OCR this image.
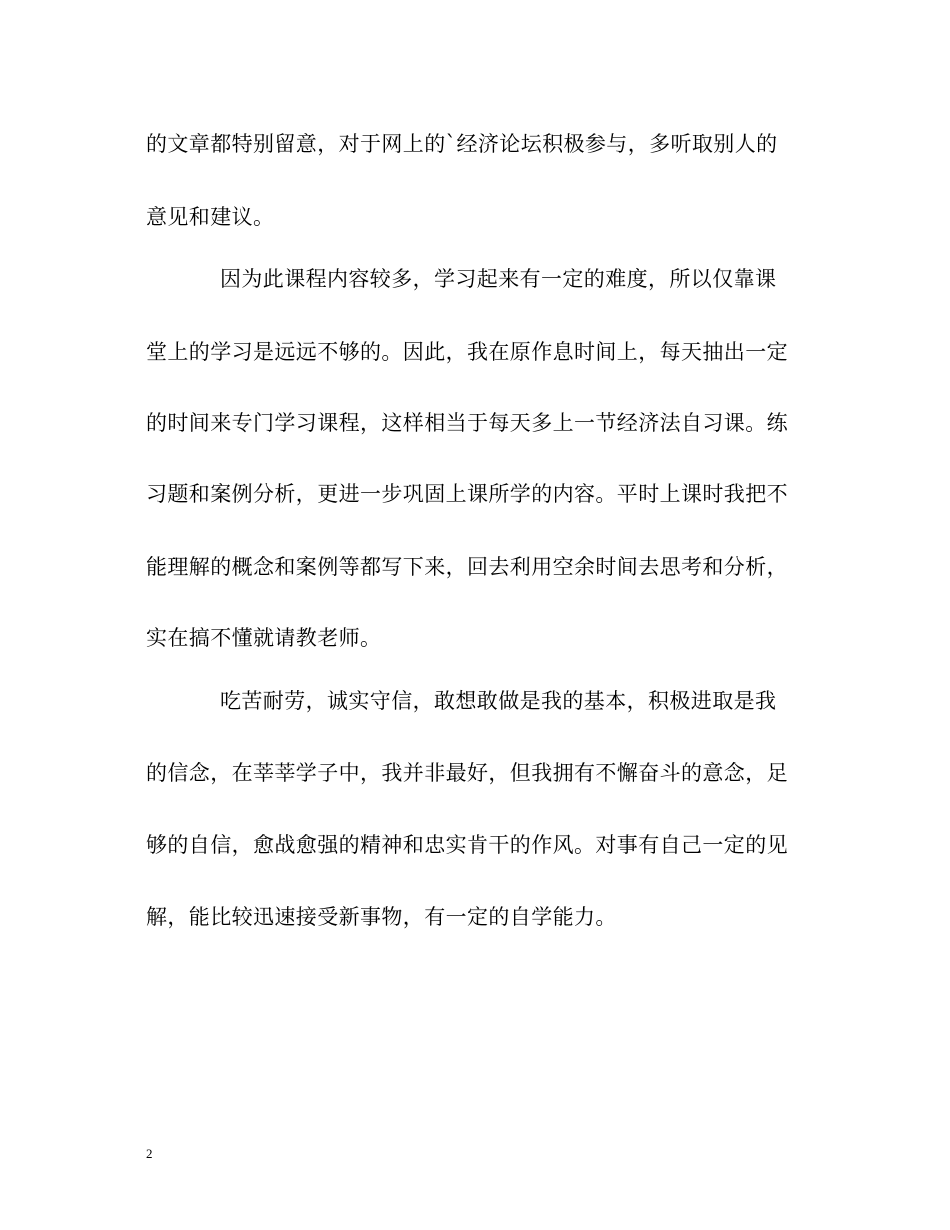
的文章都特别留意，对于网上的`经济论坛积极参与，多听取别人的
意见和建议。
因为此课程内容较多，学习起来有一定的难度，所以仅靠课
堂上的学习是远远不够的。因此，我在原作息时间上，每天抽出一定
的时间来专门学习课程，这样相当于每天多上一节经济法自习课。练
习题和案例分析，更进一步巩固上课所学的内容。平时上课时我把不
能理解的概念和案例等都写下来，回去利用空余时间去思考和分析，
实在搞不懂就请教老师。
吃苦耐劳，诚实守信，敢想敢做是我的基本，积极进取是我
的信念，在莘莘学子中，我并非最好，但我拥有不懈奋斗的意念，足
够的自信，愈战愈强的精神和忠实肯干的作风。对事有自己一定的见
解，能比较迅速接受新事物，有一定的自学能力。
2
